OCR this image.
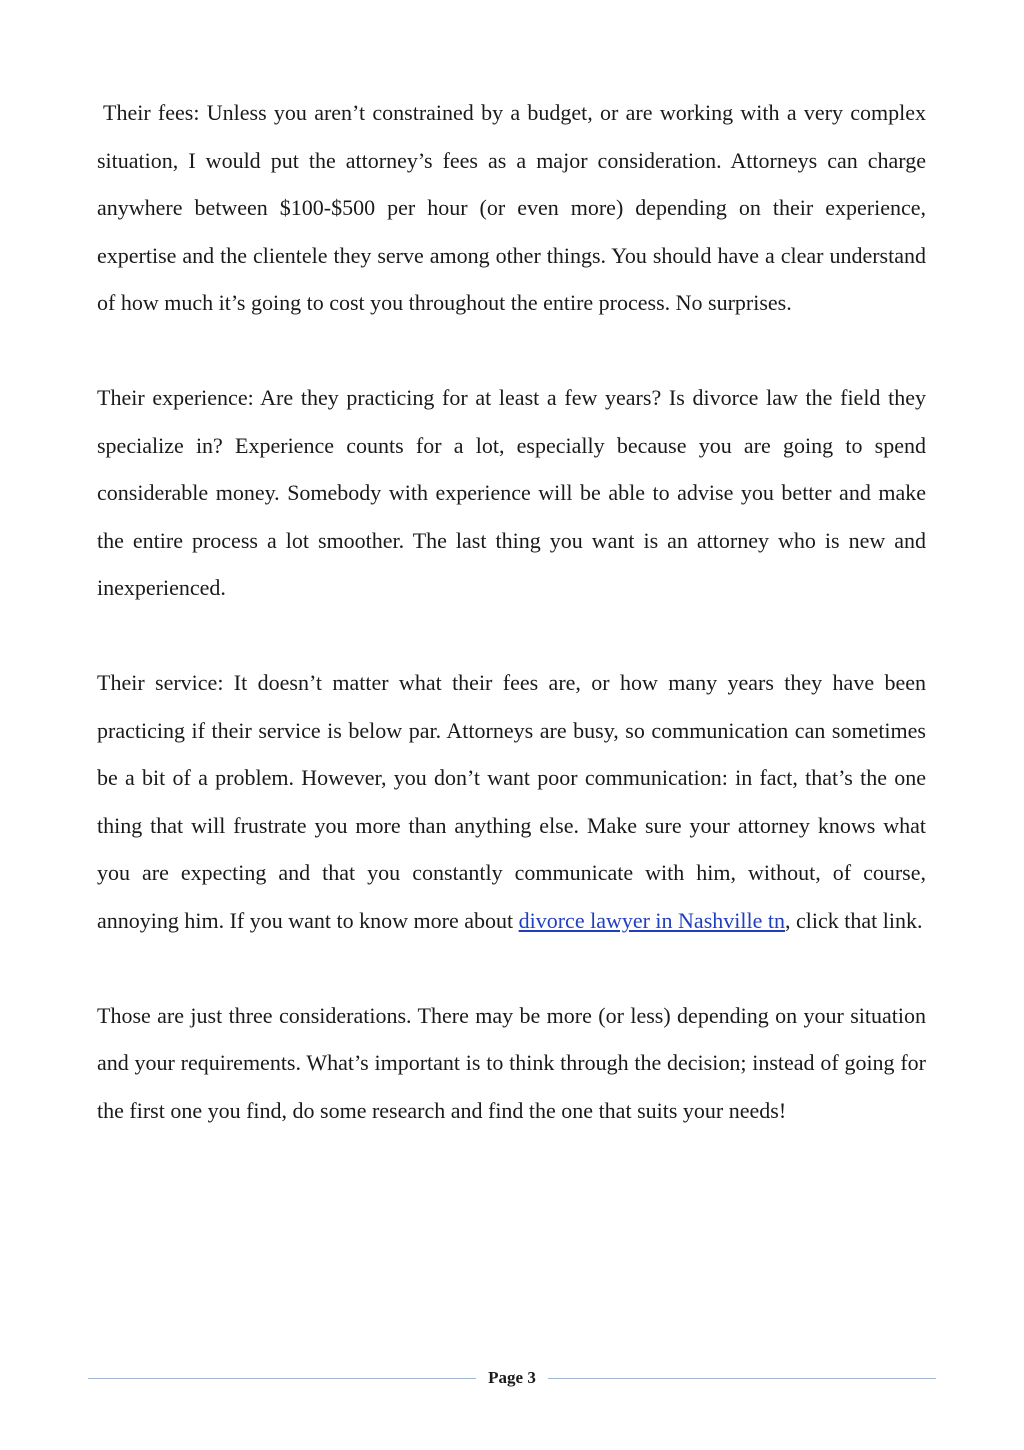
Their fees: Unless you aren’t constrained by a budget, or are working with a very complex situation, I would put the attorney’s fees as a major consideration. Attorneys can charge anywhere between $100-$500 per hour (or even more) depending on their experience, expertise and the clientele they serve among other things. You should have a clear understand of how much it’s going to cost you throughout the entire process. No surprises.

Their experience: Are they practicing for at least a few years? Is divorce law the field they specialize in? Experience counts for a lot, especially because you are going to spend considerable money. Somebody with experience will be able to advise you better and make the entire process a lot smoother. The last thing you want is an attorney who is new and inexperienced.

Their service: It doesn’t matter what their fees are, or how many years they have been practicing if their service is below par. Attorneys are busy, so communication can sometimes be a bit of a problem. However, you don’t want poor communication: in fact, that’s the one thing that will frustrate you more than anything else. Make sure your attorney knows what you are expecting and that you constantly communicate with him, without, of course, annoying him. If you want to know more about divorce lawyer in Nashville tn, click that link.

Those are just three considerations. There may be more (or less) depending on your situation and your requirements. What’s important is to think through the decision; instead of going for the first one you find, do some research and find the one that suits your needs!

Page 3
